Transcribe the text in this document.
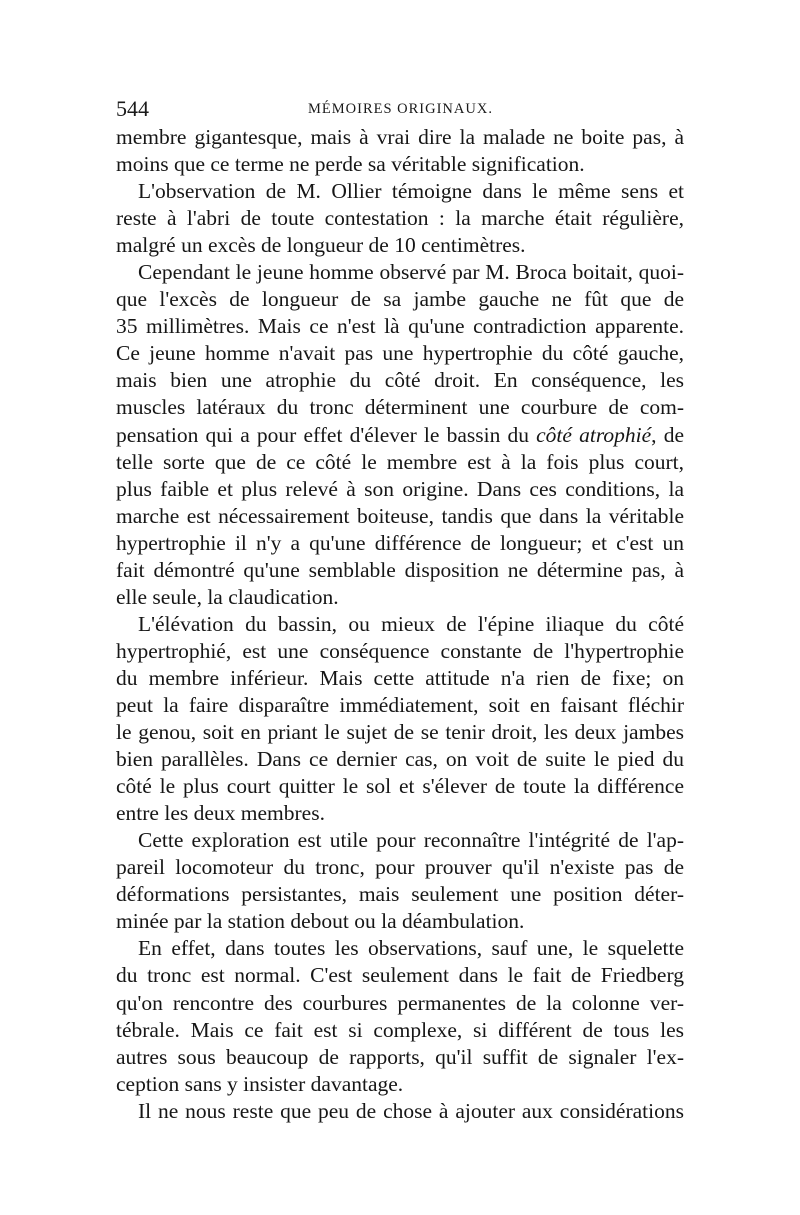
544	MÉMOIRES ORIGINAUX.
membre gigantesque, mais à vrai dire la malade ne boite pas, à
moins que ce terme ne perde sa véritable signification.
L'observation de M. Ollier témoigne dans le même sens et
reste à l'abri de toute contestation : la marche était régulière,
malgré un excès de longueur de 10 centimètres.
Cependant le jeune homme observé par M. Broca boitait, quoi-
que l'excès de longueur de sa jambe gauche ne fût que de
35 millimètres. Mais ce n'est là qu'une contradiction apparente.
Ce jeune homme n'avait pas une hypertrophie du côté gauche,
mais bien une atrophie du côté droit. En conséquence, les
muscles latéraux du tronc déterminent une courbure de com-
pensation qui a pour effet d'élever le bassin du côté atrophié, de
telle sorte que de ce côté le membre est à la fois plus court,
plus faible et plus relevé à son origine. Dans ces conditions, la
marche est nécessairement boiteuse, tandis que dans la véritable
hypertrophie il n'y a qu'une différence de longueur; et c'est un
fait démontré qu'une semblable disposition ne détermine pas, à
elle seule, la claudication.
L'élévation du bassin, ou mieux de l'épine iliaque du côté
hypertrophié, est une conséquence constante de l'hypertrophie
du membre inférieur. Mais cette attitude n'a rien de fixe; on
peut la faire disparaître immédiatement, soit en faisant fléchir
le genou, soit en priant le sujet de se tenir droit, les deux jambes
bien parallèles. Dans ce dernier cas, on voit de suite le pied du
côté le plus court quitter le sol et s'élever de toute la différence
entre les deux membres.
Cette exploration est utile pour reconnaître l'intégrité de l'ap-
pareil locomoteur du tronc, pour prouver qu'il n'existe pas de
déformations persistantes, mais seulement une position déter-
minée par la station debout ou la déambulation.
En effet, dans toutes les observations, sauf une, le squelette
du tronc est normal. C'est seulement dans le fait de Friedberg
qu'on rencontre des courbures permanentes de la colonne ver-
tébrale. Mais ce fait est si complexe, si différent de tous les
autres sous beaucoup de rapports, qu'il suffit de signaler l'ex-
ception sans y insister davantage.
Il ne nous reste que peu de chose à ajouter aux considérations
